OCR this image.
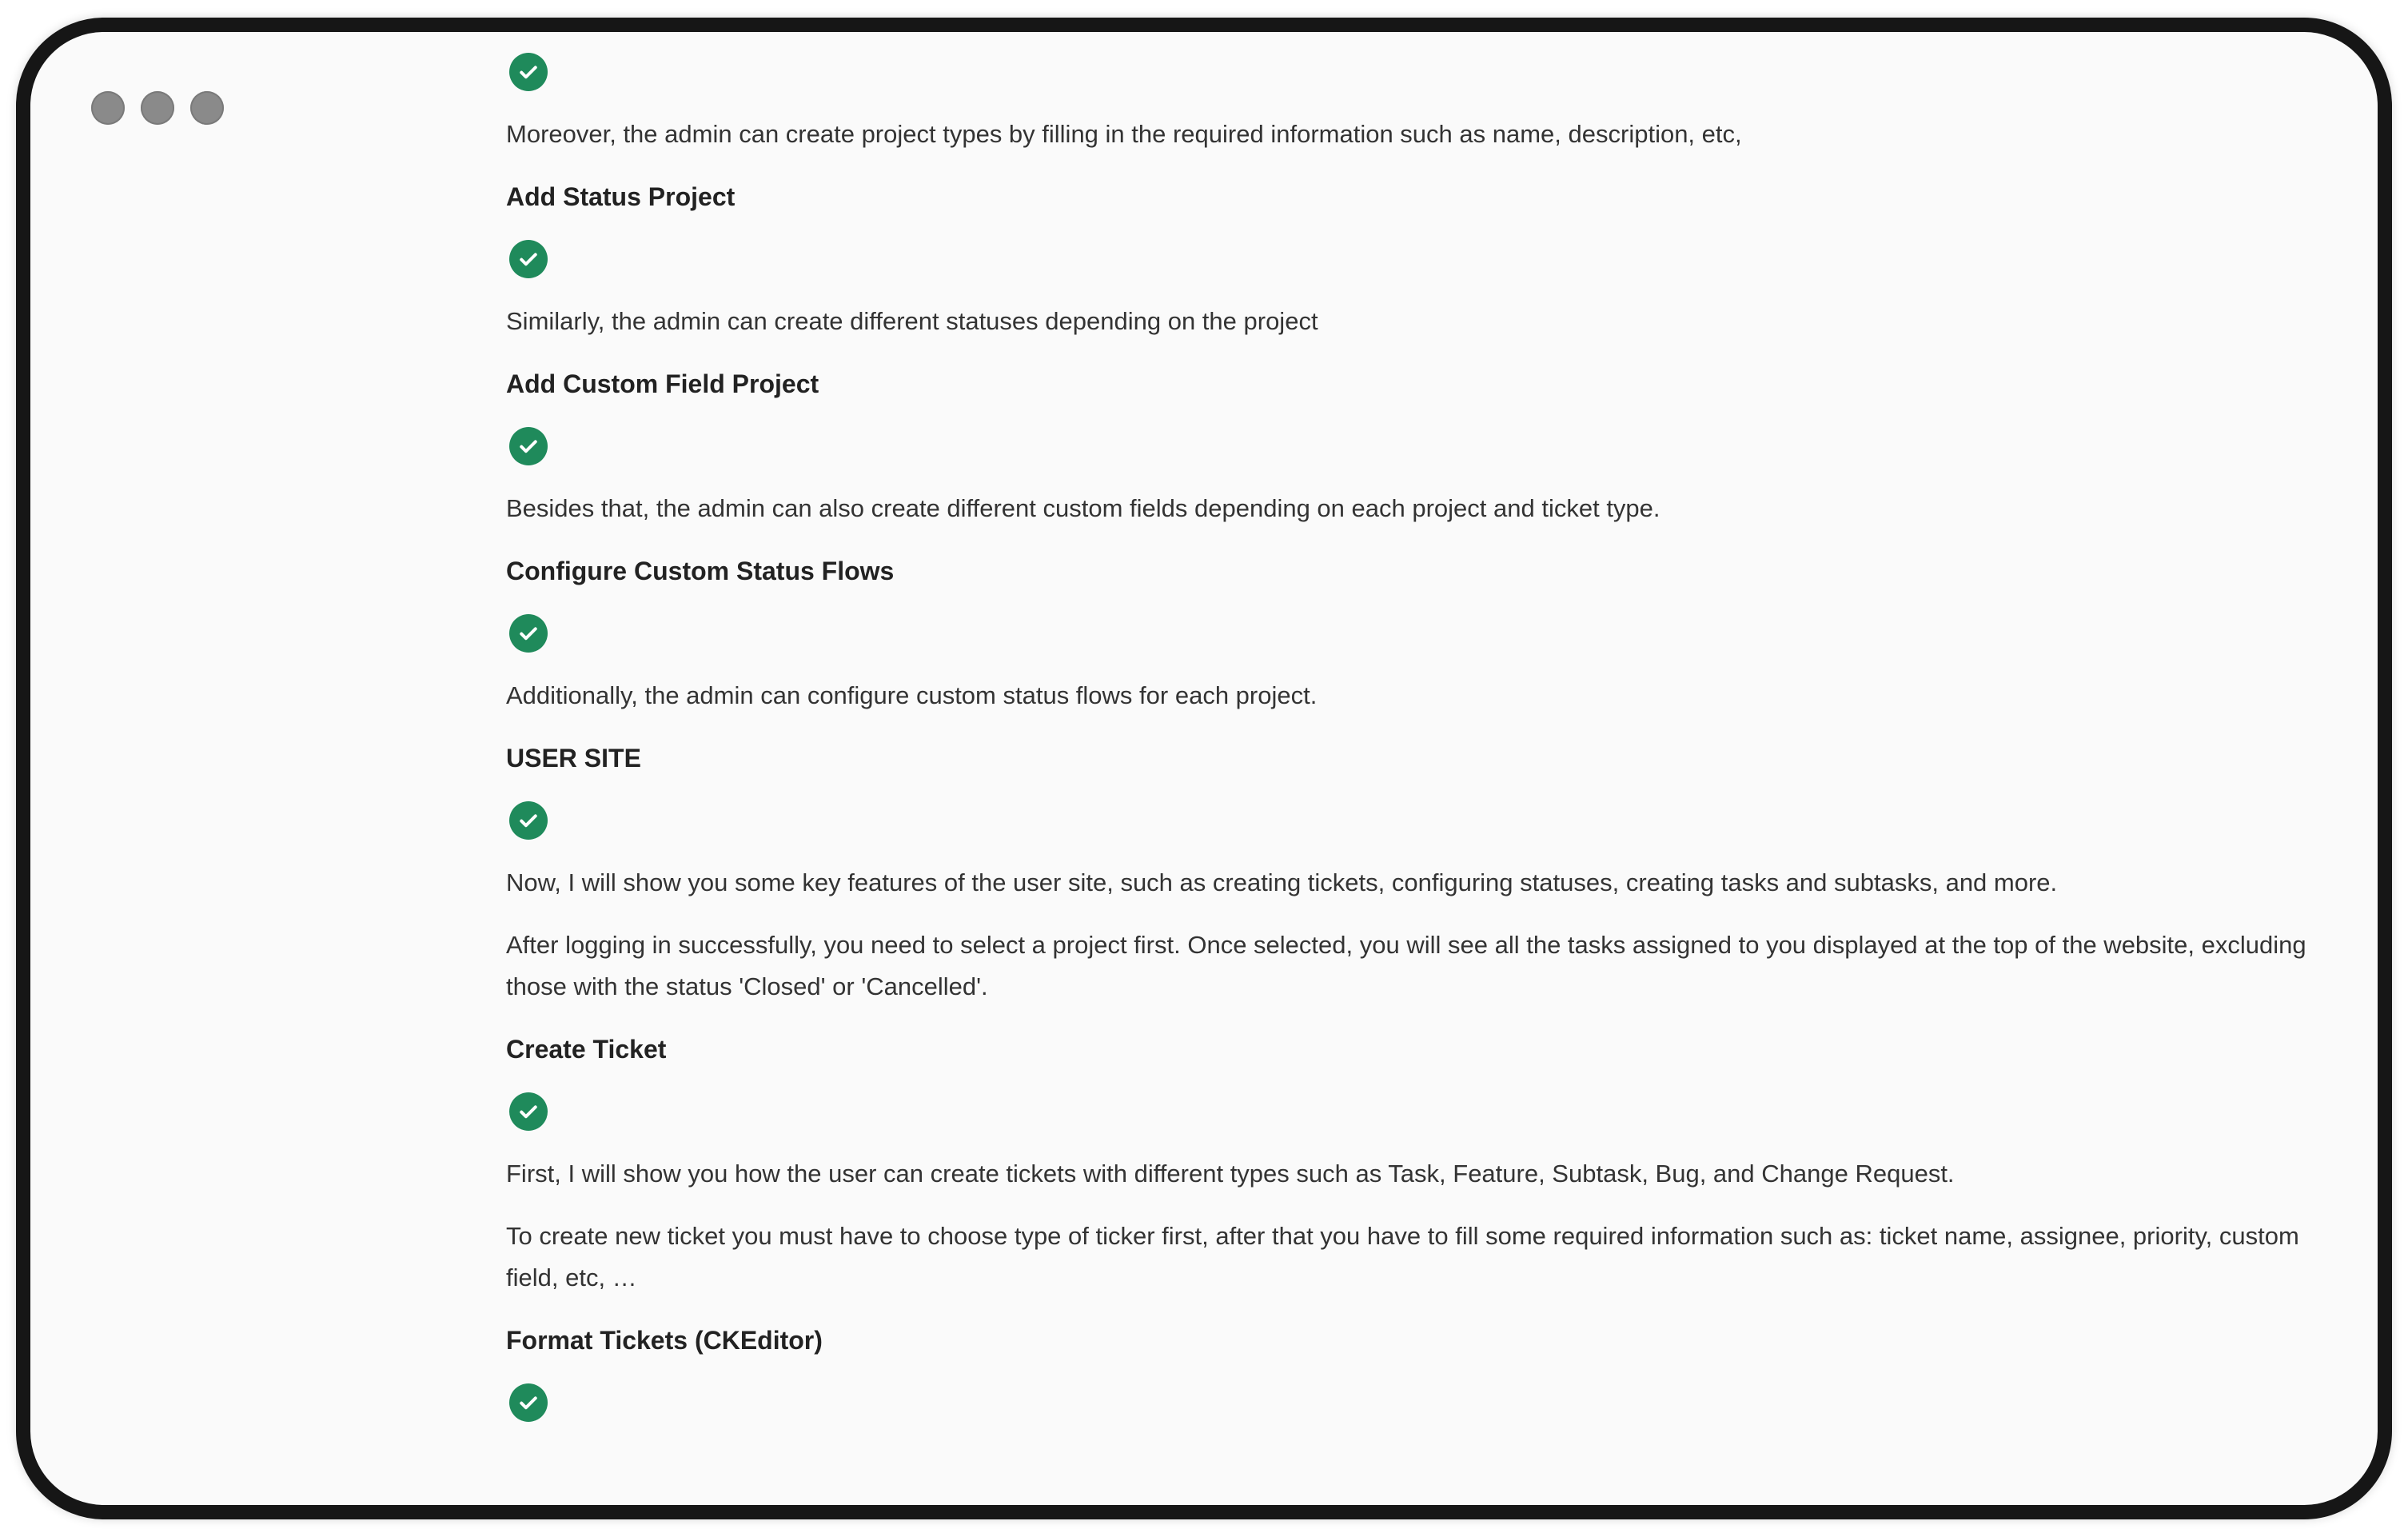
Moreover, the admin can create project types by filling in the required information such as name, description, etc,

Add Status Project

Similarly, the admin can create different statuses depending on the project

Add Custom Field Project

Besides that, the admin can also create different custom fields depending on each project and ticket type.

Configure Custom Status Flows

Additionally, the admin can configure custom status flows for each project.

USER SITE

Now, I will show you some key features of the user site, such as creating tickets, configuring statuses, creating tasks and subtasks, and more.

After logging in successfully, you need to select a project first. Once selected, you will see all the tasks assigned to you displayed at the top of the website, excluding those with the status 'Closed' or 'Cancelled'.

Create Ticket

First, I will show you how the user can create tickets with different types such as Task, Feature, Subtask, Bug, and Change Request.

To create new ticket you must have to choose type of ticker first, after that you have to fill some required information such as: ticket name, assignee, priority, custom field, etc, …

Format Tickets (CKEditor)
